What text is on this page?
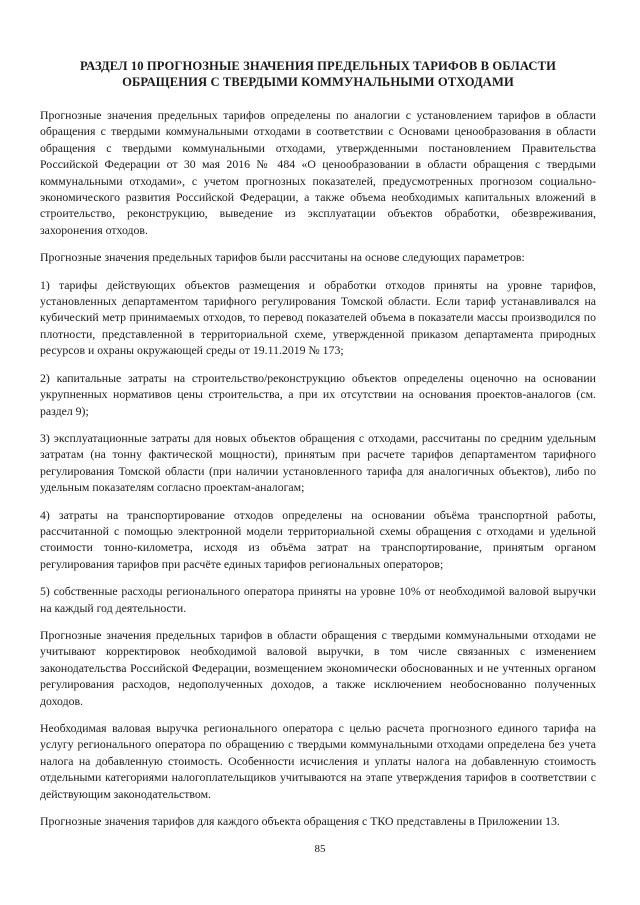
РАЗДЕЛ 10 ПРОГНОЗНЫЕ ЗНАЧЕНИЯ ПРЕДЕЛЬНЫХ ТАРИФОВ В ОБЛАСТИ
ОБРАЩЕНИЯ С ТВЕРДЫМИ КОММУНАЛЬНЫМИ ОТХОДАМИ

Прогнозные значения предельных тарифов определены по аналогии с установлением тарифов в области обращения с твердыми коммунальными отходами в соответствии с Основами ценообразования в области обращения с твердыми коммунальными отходами, утвержденными постановлением Правительства Российской Федерации от 30 мая 2016 № 484 «О ценообразовании в области обращения с твердыми коммунальными отходами», с учетом прогнозных показателей, предусмотренных прогнозом социально-экономического развития Российской Федерации, а также объема необходимых капитальных вложений в строительство, реконструкцию, выведение из эксплуатации объектов обработки, обезвреживания, захоронения отходов.

Прогнозные значения предельных тарифов были рассчитаны на основе следующих параметров:

1) тарифы действующих объектов размещения и обработки отходов приняты на уровне тарифов, установленных департаментом тарифного регулирования Томской области. Если тариф устанавливался на кубический метр принимаемых отходов, то перевод показателей объема в показатели массы производился по плотности, представленной в территориальной схеме, утвержденной приказом департамента природных ресурсов и охраны окружающей среды от 19.11.2019 № 173;

2) капитальные затраты на строительство/реконструкцию объектов определены оценочно на основании укрупненных нормативов цены строительства, а при их отсутствии на основания проектов-аналогов (см. раздел 9);

3) эксплуатационные затраты для новых объектов обращения с отходами, рассчитаны по средним удельным затратам (на тонну фактической мощности), принятым при расчете тарифов департаментом тарифного регулирования Томской области (при наличии установленного тарифа для аналогичных объектов), либо по удельным показателям согласно проектам-аналогам;

4) затраты на транспортирование отходов определены на основании объёма транспортной работы, рассчитанной с помощью электронной модели территориальной схемы обращения с отходами и удельной стоимости тонно-километра, исходя из объёма затрат на транспортирование, принятым органом регулирования тарифов при расчёте единых тарифов региональных операторов;

5) собственные расходы регионального оператора приняты на уровне 10% от необходимой валовой выручки на каждый год деятельности.

Прогнозные значения предельных тарифов в области обращения с твердыми коммунальными отходами не учитывают корректировок необходимой валовой выручки, в том числе связанных с изменением законодательства Российской Федерации, возмещением экономически обоснованных и не учтенных органом регулирования расходов, недополученных доходов, а также исключением необоснованно полученных доходов.

Необходимая валовая выручка регионального оператора с целью расчета прогнозного единого тарифа на услугу регионального оператора по обращению с твердыми коммунальными отходами определена без учета налога на добавленную стоимость. Особенности исчисления и уплаты налога на добавленную стоимость отдельными категориями налогоплательщиков учитываются на этапе утверждения тарифов в соответствии с действующим законодательством.

Прогнозные значения тарифов для каждого объекта обращения с ТКО представлены в Приложении 13.

85
